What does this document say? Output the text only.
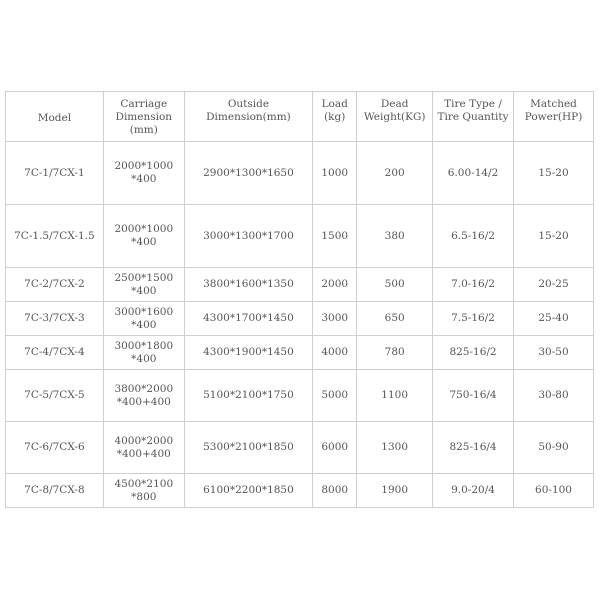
Model	Carriage Dimension (mm)	Outside Dimension(mm)	Load (kg)	Dead Weight(KG)	Tire Type / Tire Quantity	Matched Power(HP)
7C-1/7CX-1	2000*1000*400	2900*1300*1650	1000	200	6.00-14/2	15-20
7C-1.5/7CX-1.5	2000*1000*400	3000*1300*1700	1500	380	6.5-16/2	15-20
7C-2/7CX-2	2500*1500*400	3800*1600*1350	2000	500	7.0-16/2	20-25
7C-3/7CX-3	3000*1600*400	4300*1700*1450	3000	650	7.5-16/2	25-40
7C-4/7CX-4	3000*1800*400	4300*1900*1450	4000	780	825-16/2	30-50
7C-5/7CX-5	3800*2000*400+400	5100*2100*1750	5000	1100	750-16/4	30-80
7C-6/7CX-6	4000*2000*400+400	5300*2100*1850	6000	1300	825-16/4	50-90
7C-8/7CX-8	4500*2100*800	6100*2200*1850	8000	1900	9.0-20/4	60-100
